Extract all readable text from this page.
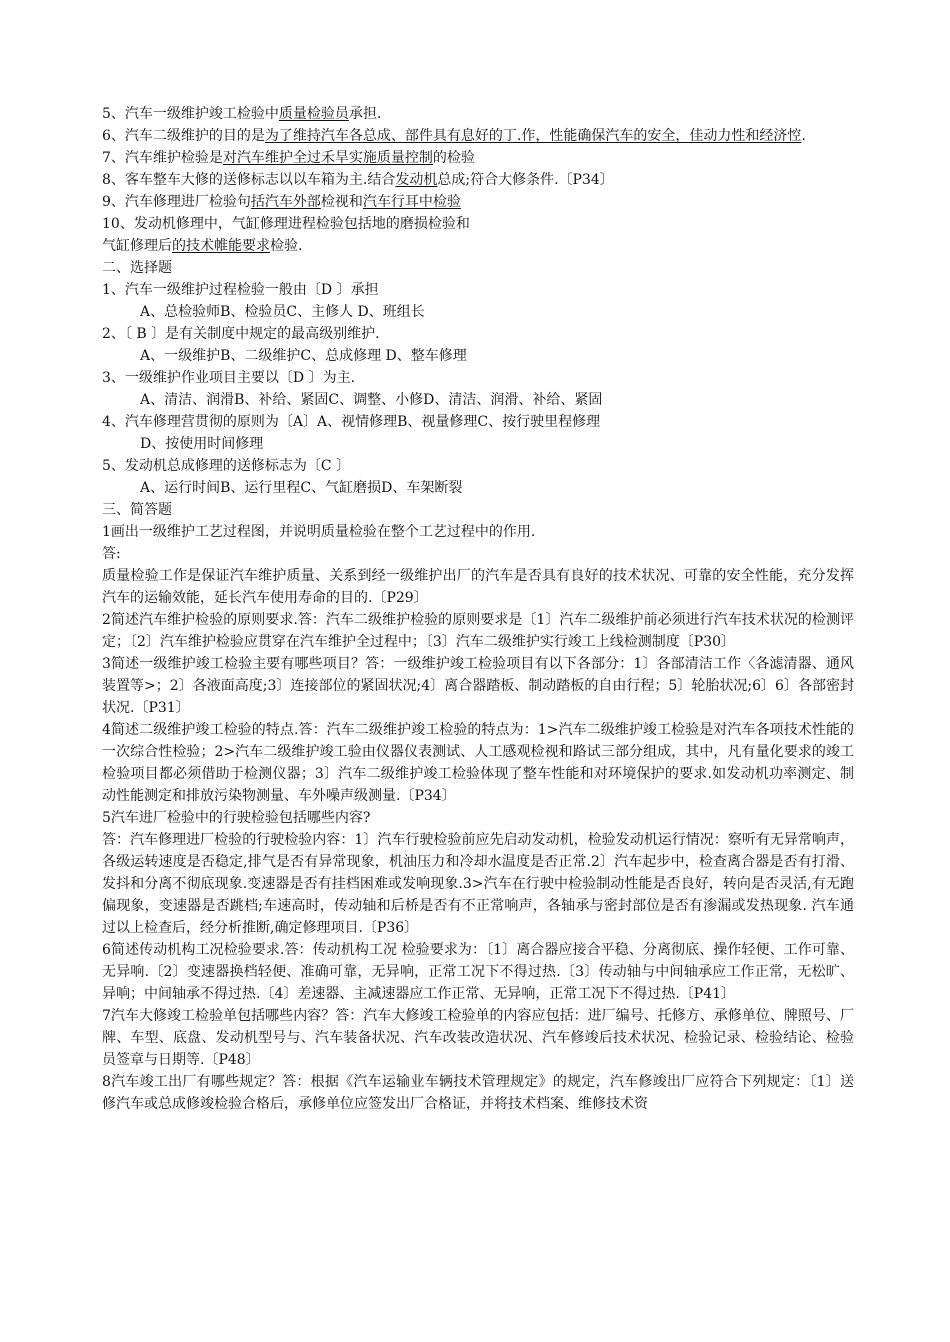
5、汽车一级维护竣工检验中质量检验员承担.
6、汽车二级维护的目的是为了维持汽车各总成、部件具有息好的丁.作，性能确保汽车的安全，佳动力性和经济悾.
7、汽车维护检验是对汽车维护全过禾旱实施质量控制的检验
8、客车整车大修的送修标志以以车箱为主.结合发动机总成;符合大修条件.〔P34〕
9、汽车修理进厂检验句括汽车外部检视和汽车行耳中检验
10、发动机修理中，气缸修理进程检验包括地的磨损检验和
气缸修理后的技术帷能要求检验.
二、选择题
1、汽车一级维护过程检验一般由〔D 〕承担
A、总检验师B、检验员C、主修人 D、班组长
2、〔 B 〕是有关制度中规定的最高级别维护.
A、一级维护B、二级维护C、总成修理 D、整车修理
3、一级维护作业项目主要以〔D 〕为主.
A、清洁、润滑B、补给、紧固C、调整、小修D、清洁、润滑、补给、紧固
4、汽车修理营贯彻的原则为〔A〕A、视情修理B、视量修理C、按行驶里程修理
D、按使用时间修理
5、发动机总成修理的送修标志为〔C 〕
A、运行时间B、运行里程C、气缸磨损D、车架断裂
三、简答题
1画出一级维护工艺过程图，并说明质量检验在整个工艺过程中的作用.
答:
质量检验工作是保证汽车维护质量、关系到经一级维护出厂的汽车是否具有良好的技术状况、可靠的安全性能，充分发挥汽车的运输效能，延长汽车使用寿命的目的.〔P29〕
2简述汽车维护检验的原则要求.答：汽车二级维护检验的原则要求是〔1〕汽车二级维护前必须进行汽车技术状况的检测评定；〔2〕汽车维护检验应贯穿在汽车维护全过程中；〔3〕汽车二级维护实行竣工上线检测制度〔P30〕
3简述一级维护竣工检验主要有哪些项目？答：一级维护竣工检验项目有以下各部分：1〕各部清洁工作〈各滤清器、通风装置等>；2〕各液面高度;3〕连接部位的紧固状况;4〕离合器踏板、制动踏板的自由行程；5〕轮胎状况;6〕6〕各部密封状况.〔P31〕
4简述二级维护竣工检验的特点.答：汽车二级维护竣工检验的特点为：1>汽车二级维护竣工检验是对汽车各项技术性能的一次综合性检验；2>汽车二级维护竣工验由仪器仪表测试、人工感观检视和路试三部分组成，其中，凡有量化要求的竣工检验项目都必须借助于检测仪器；3〕汽车二级维护竣工检验体现了整车性能和对环境保护的要求.如发动机功率测定、制动性能测定和排放污染物测量、车外噪声级测量.〔P34〕
5汽车进厂检验中的行驶检验包括哪些内容?
答：汽车修理进厂检验的行驶检验内容：1〕汽车行驶检验前应先启动发动机，检验发动机运行情况：察听有无异常响声，各级运转速度是否稳定,排气是否有异常现象，机油压力和冷却水温度是否正常.2〕汽车起步中，检查离合器是否有打滑、发抖和分离不彻底现象.变速器是否有挂档困难或发响现象.3>汽车在行驶中检验制动性能是否良好，转向是否灵活,有无跑偏现象，变速器是否跳档;车速高时，传动轴和后桥是否有不正常响声，各轴承与密封部位是否有渗漏或发热现象. 汽车通过以上检查后，经分析推断,确定修理项目.〔P36〕
6简述传动机构工况检验要求.答：传动机构工况 检验要求为：〔1〕离合器应接合平稳、分离彻底、操作轻便、工作可靠、无异响.〔2〕变速器换档轻便、准确可靠，无异响，正常工况下不得过热.〔3〕传动轴与中间轴承应工作正常，无松旷、异响；中间轴承不得过热.〔4〕差速器、主减速器应工作正常、无异响，正常工况下不得过热.〔P41〕
7汽车大修竣工检验单包括哪些内容？答：汽车大修竣工检验单的内容应包括：进厂编号、托修方、承修单位、牌照号、厂牌、车型、底盘、发动机型号与、汽车装备状况、汽车改装改造状况、汽车修竣后技术状况、检验记录、检验结论、检验员签章与日期等.〔P48〕
8汽车竣工出厂有哪些规定？答：根据《汽车运输业车辆技术管理规定》的规定，汽车修竣出厂应符合下列规定：〔1〕送修汽车或总成修竣检验合格后，承修单位应签发出厂合格证，并将技术档案、维修技术资
